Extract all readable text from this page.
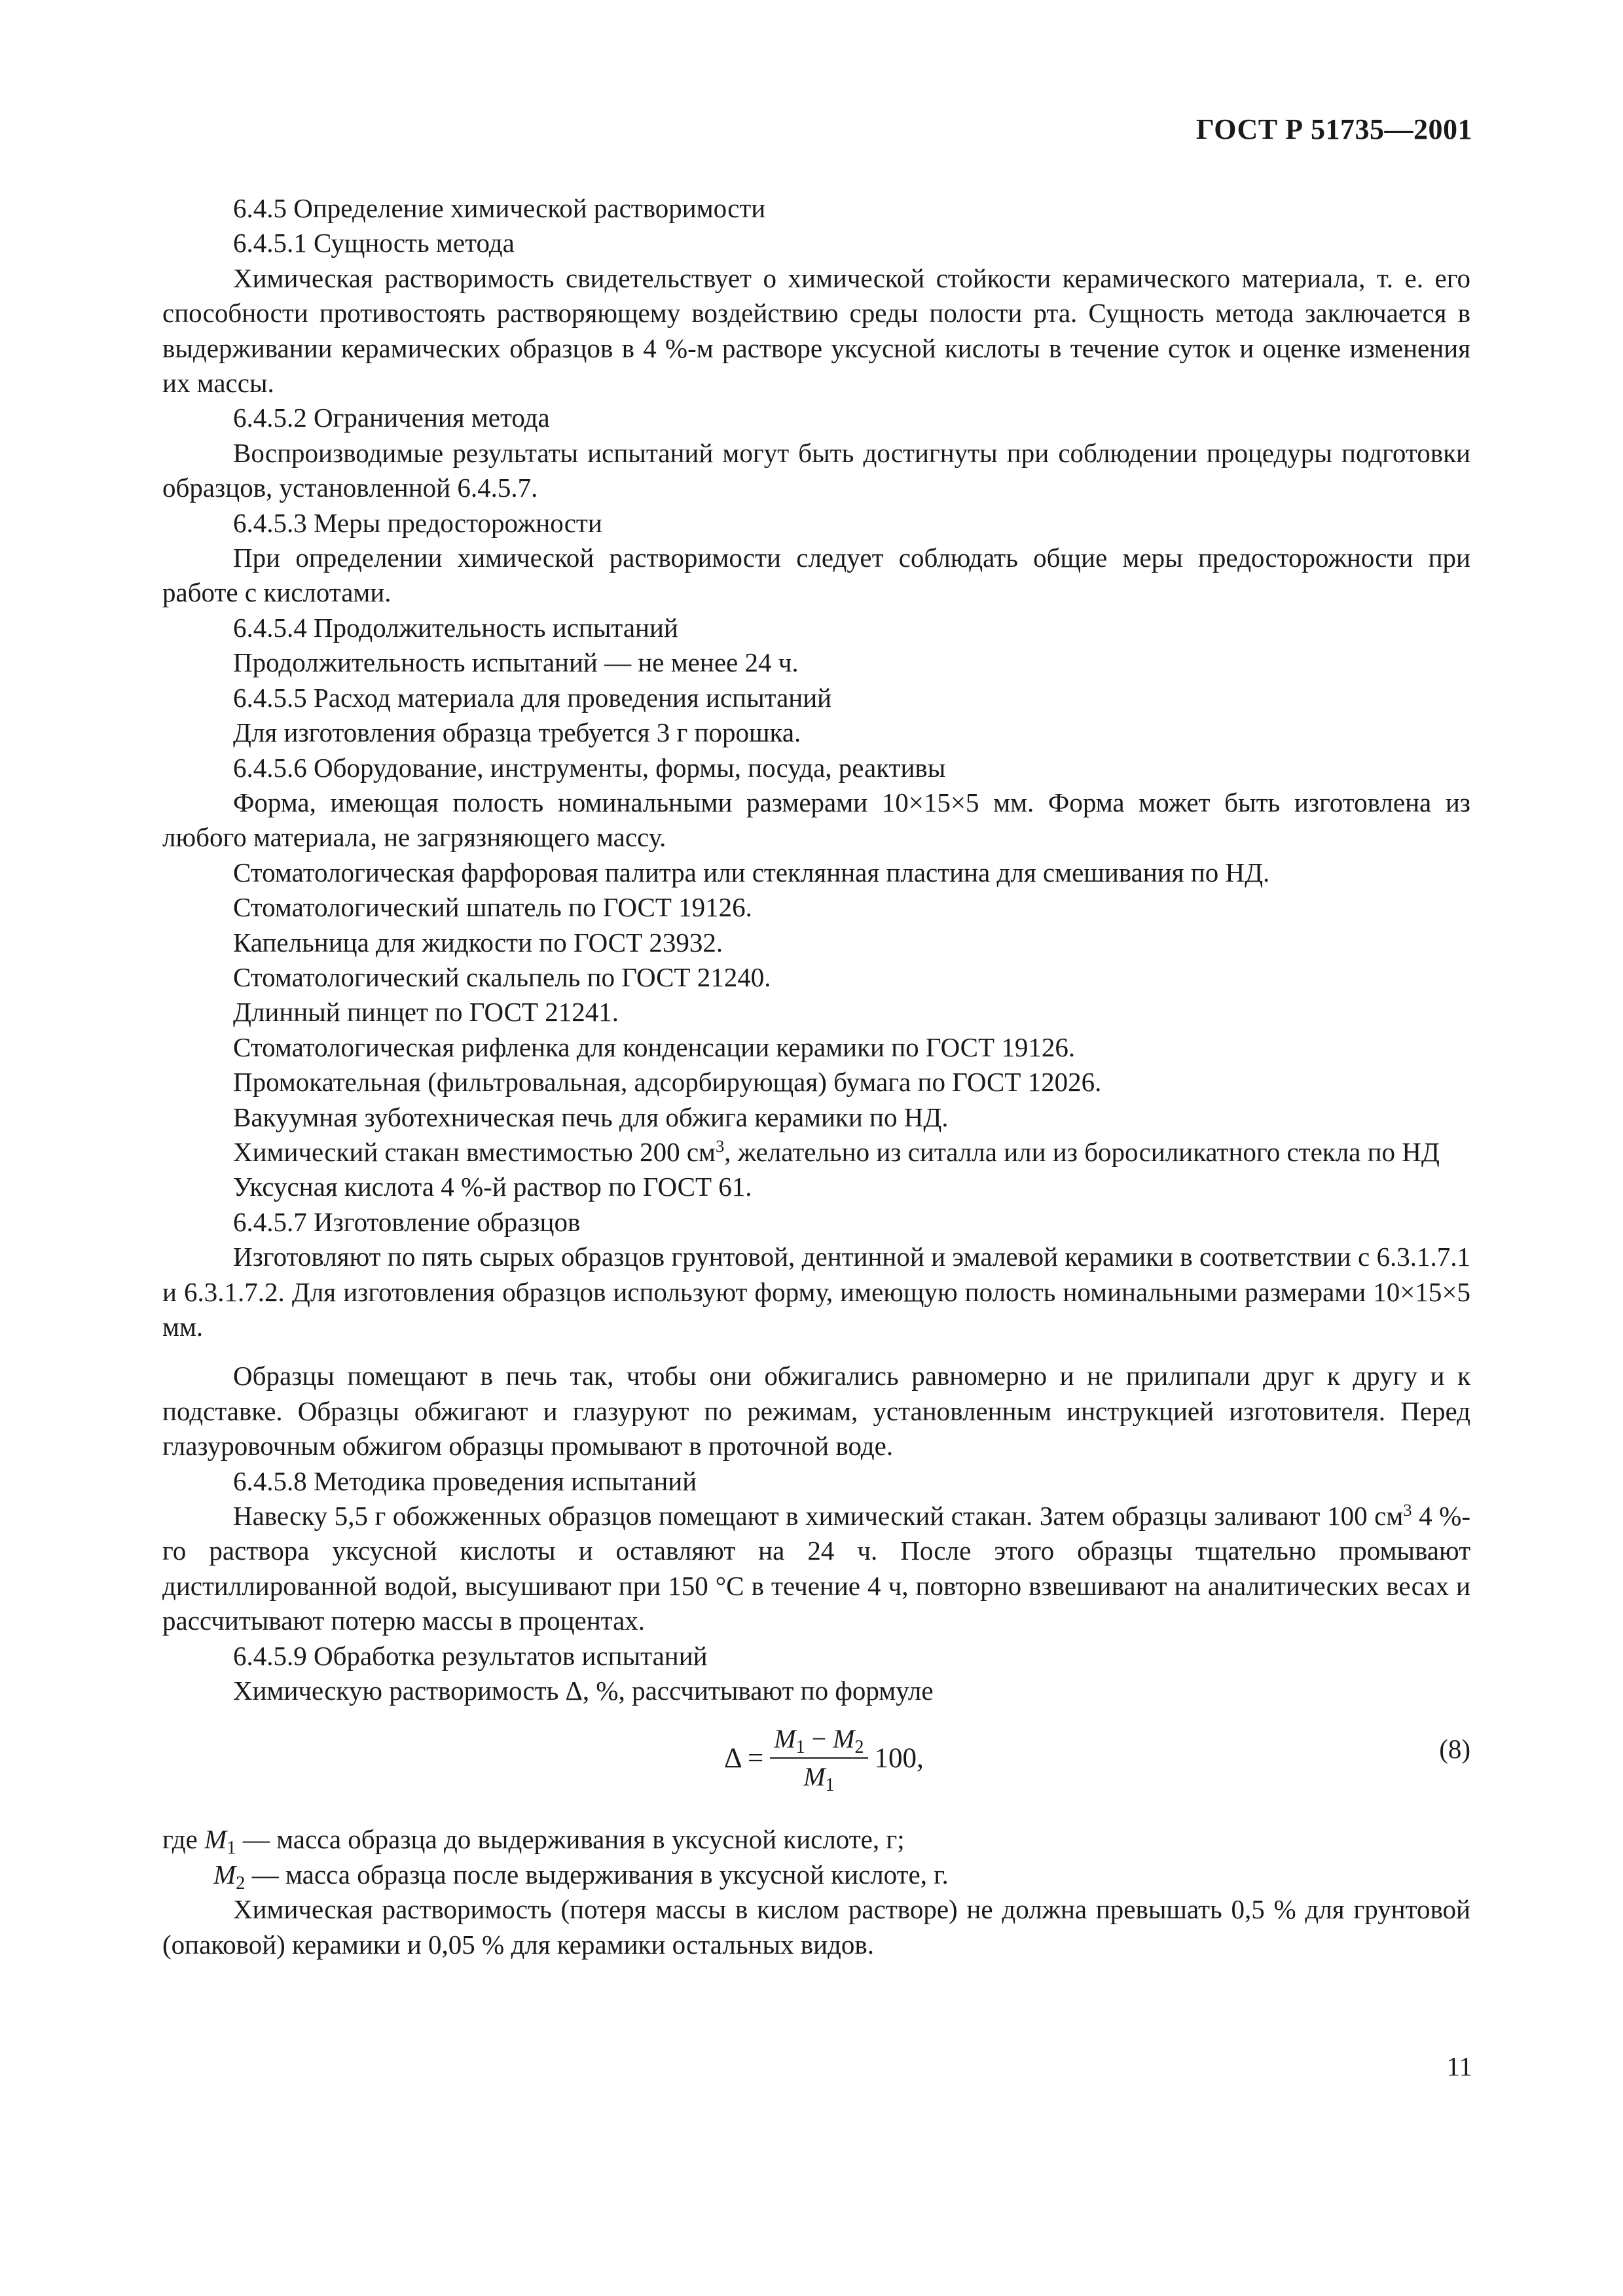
ГОСТ Р 51735—2001

6.4.5 Определение химической растворимости

6.4.5.1 Сущность метода

Химическая растворимость свидетельствует о химической стойкости керамического материала, т. е. его способности противостоять растворяющему воздействию среды полости рта. Сущность метода заключается в выдерживании керамических образцов в 4 %-м растворе уксусной кислоты в течение суток и оценке изменения их массы.

6.4.5.2 Ограничения метода

Воспроизводимые результаты испытаний могут быть достигнуты при соблюдении процедуры подготовки образцов, установленной 6.4.5.7.

6.4.5.3 Меры предосторожности

При определении химической растворимости следует соблюдать общие меры предосторожности при работе с кислотами.

6.4.5.4 Продолжительность испытаний

Продолжительность испытаний — не менее 24 ч.

6.4.5.5 Расход материала для проведения испытаний

Для изготовления образца требуется 3 г порошка.

6.4.5.6 Оборудование, инструменты, формы, посуда, реактивы

Форма, имеющая полость номинальными размерами 10×15×5 мм. Форма может быть изготовлена из любого материала, не загрязняющего массу.

Стоматологическая фарфоровая палитра или стеклянная пластина для смешивания по НД.

Стоматологический шпатель по ГОСТ 19126.

Капельница для жидкости по ГОСТ 23932.

Стоматологический скальпель по ГОСТ 21240.

Длинный пинцет по ГОСТ 21241.

Стоматологическая рифленка для конденсации керамики по ГОСТ 19126.

Промокательная (фильтровальная, адсорбирующая) бумага по ГОСТ 12026.

Вакуумная зуботехническая печь для обжига керамики по НД.

Химический стакан вместимостью 200 $см^3$, желательно из ситалла или из боросиликатного стекла по НД

Уксусная кислота 4 %-й раствор по ГОСТ 61.

6.4.5.7 Изготовление образцов

Изготовляют по пять сырых образцов грунтовой, дентинной и эмалевой керамики в соответствии с 6.3.1.7.1 и 6.3.1.7.2. Для изготовления образцов используют форму, имеющую полость номинальными размерами 10×15×5 мм.

Образцы помещают в печь так, чтобы они обжигались равномерно и не прилипали друг к другу и к подставке. Образцы обжигают и глазуруют по режимам, установленным инструкцией изготовителя. Перед глазуровочным обжигом образцы промывают в проточной воде.

6.4.5.8 Методика проведения испытаний

Навеску 5,5 г обожженных образцов помещают в химический стакан. Затем образцы заливают 100 $см^3$ 4 %-го раствора уксусной кислоты и оставляют на 24 ч. После этого образцы тщательно промывают дистиллированной водой, высушивают при 150 °С в течение 4 ч, повторно взвешивают на аналитических весах и рассчитывают потерю массы в процентах.

6.4.5.9 Обработка результатов испытаний

Химическую растворимость Δ, %, рассчитывают по формуле

$\Delta = \frac{M_1 - M_2}{M_1} 100$,	(8)

где $M_1$ — масса образца до выдерживания в уксусной кислоте, г;

$M_2$ — масса образца после выдерживания в уксусной кислоте, г.

Химическая растворимость (потеря массы в кислом растворе) не должна превышать 0,5 % для грунтовой (опаковой) керамики и 0,05 % для керамики остальных видов.

11
